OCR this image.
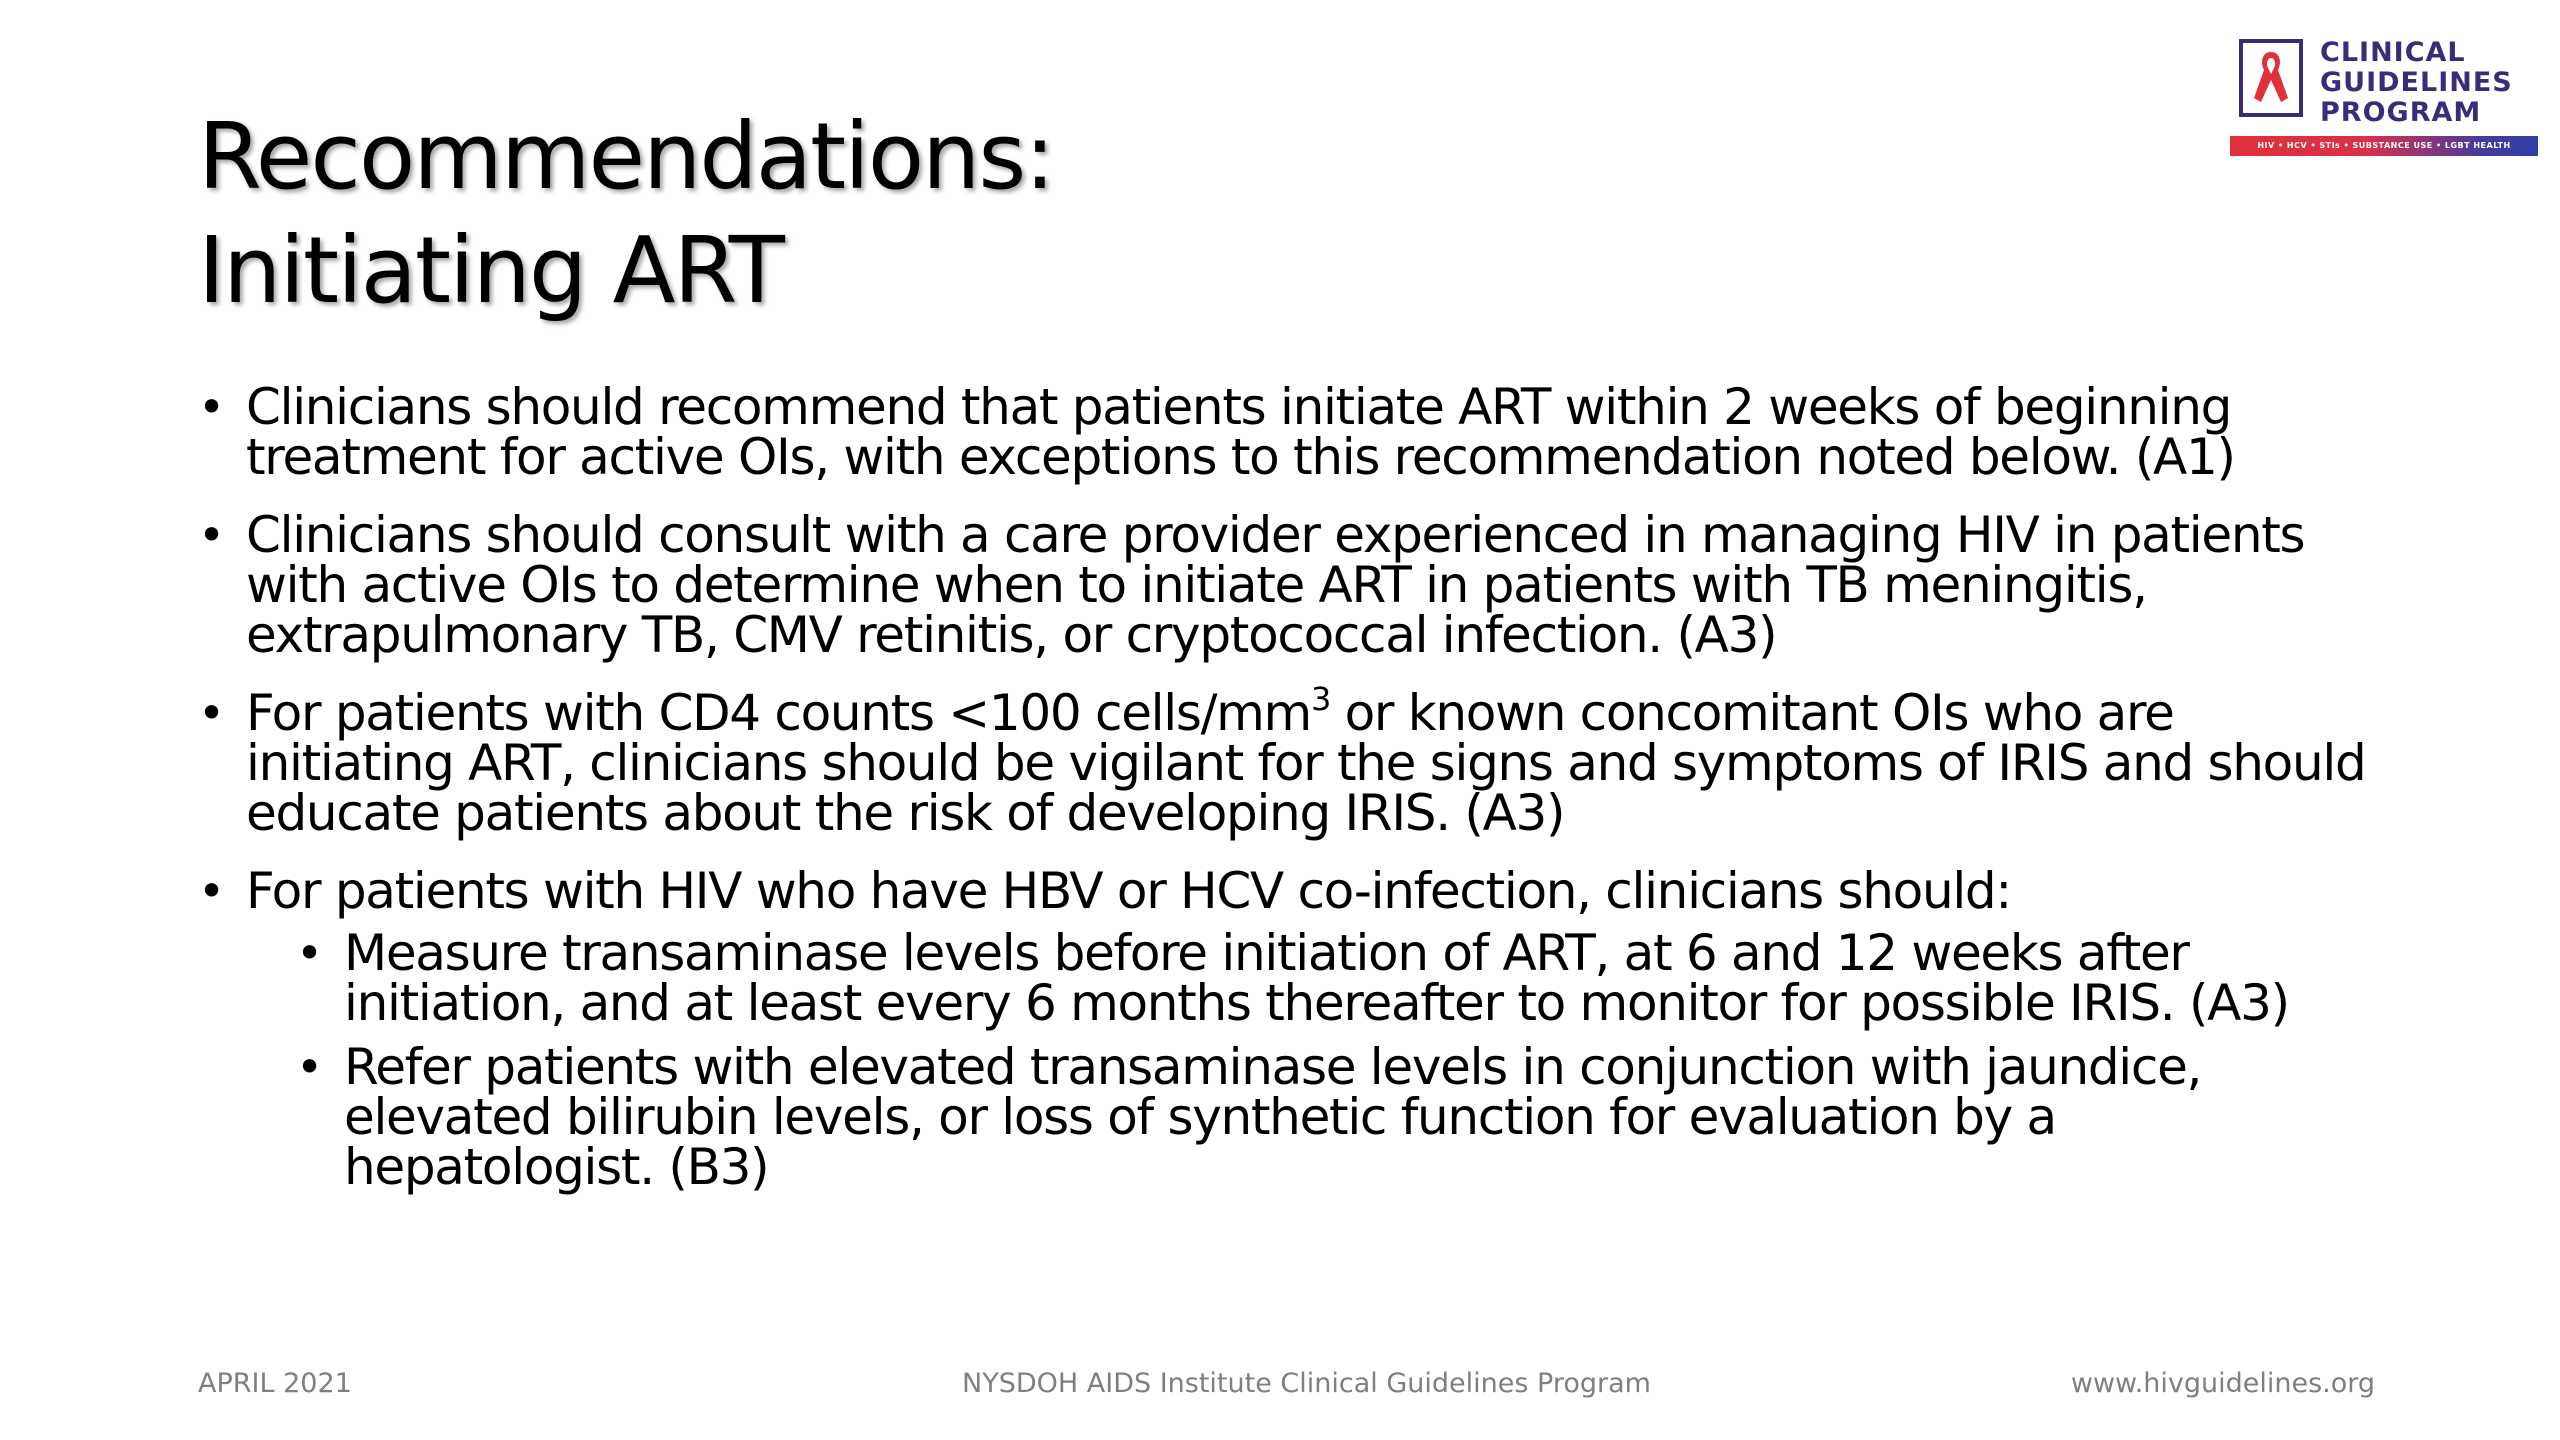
Recommendations:
Initiating ART
CLINICAL
GUIDELINES
PROGRAM
HIV • HCV • STIs • SUBSTANCE USE • LGBT HEALTH
• Clinicians should recommend that patients initiate ART within 2 weeks of beginning
treatment for active OIs, with exceptions to this recommendation noted below. (A1)
• Clinicians should consult with a care provider experienced in managing HIV in patients
with active OIs to determine when to initiate ART in patients with TB meningitis,
extrapulmonary TB, CMV retinitis, or cryptococcal infection. (A3)
• For patients with CD4 counts <100 cells/$mm^3$ or known concomitant OIs who are
initiating ART, clinicians should be vigilant for the signs and symptoms of IRIS and should
educate patients about the risk of developing IRIS. (A3)
• For patients with HIV who have HBV or HCV co-infection, clinicians should:
• Measure transaminase levels before initiation of ART, at 6 and 12 weeks after
initiation, and at least every 6 months thereafter to monitor for possible IRIS. (A3)
• Refer patients with elevated transaminase levels in conjunction with jaundice,
elevated bilirubin levels, or loss of synthetic function for evaluation by a
hepatologist. (B3)
APRIL 2021	NYSDOH AIDS Institute Clinical Guidelines Program	www.hivguidelines.org
